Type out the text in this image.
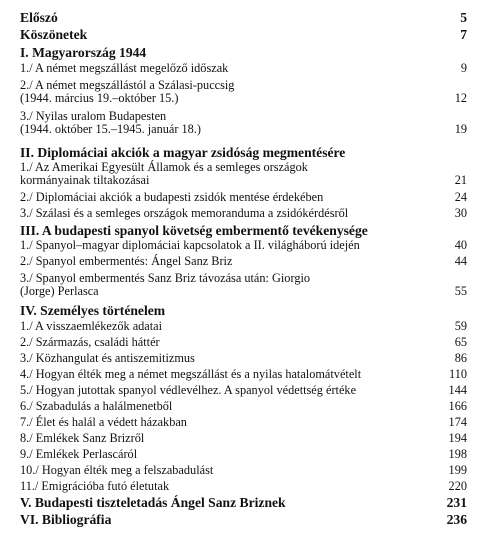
Előszó	5
Köszönetek	7
I. Magyarország 1944
1./ A német megszállást megelőző időszak	9
2./ A német megszállástól a Szálasi-puccsig
(1944. március 19.–október 15.)	12
3./ Nyilas uralom Budapesten
(1944. október 15.–1945. január 18.)	19
II. Diplomáciai akciók a magyar zsidóság megmentésére
1./ Az Amerikai Egyesült Államok és a semleges országok
kormányainak tiltakozásai	21
2./ Diplomáciai akciók a budapesti zsidók mentése érdekében	24
3./ Szálasi és a semleges országok memoranduma a zsidókérdésről	30
III. A budapesti spanyol követség embermentő tevékenysége
1./ Spanyol–magyar diplomáciai kapcsolatok a II. világháború idején	40
2./ Spanyol embermentés: Ángel Sanz Briz	44
3./ Spanyol embermentés Sanz Briz távozása után: Giorgio
(Jorge) Perlasca	55
IV. Személyes történelem
1./ A visszaemlékezők adatai	59
2./ Származás, családi háttér	65
3./ Közhangulat és antiszemitizmus	86
4./ Hogyan élték meg a német megszállást és a nyilas hatalomátvételt	110
5./ Hogyan jutottak spanyol védlevélhez. A spanyol védettség értéke	144
6./ Szabadulás a halálmenetből	166
7./ Élet és halál a védett házakban	174
8./ Emlékek Sanz Brizről	194
9./ Emlékek Perlascáról	198
10./ Hogyan élték meg a felszabadulást	199
11./ Emigrációba futó életutak	220
V. Budapesti tiszteletadás Ángel Sanz Briznek	231
VI. Bibliográfia	236
